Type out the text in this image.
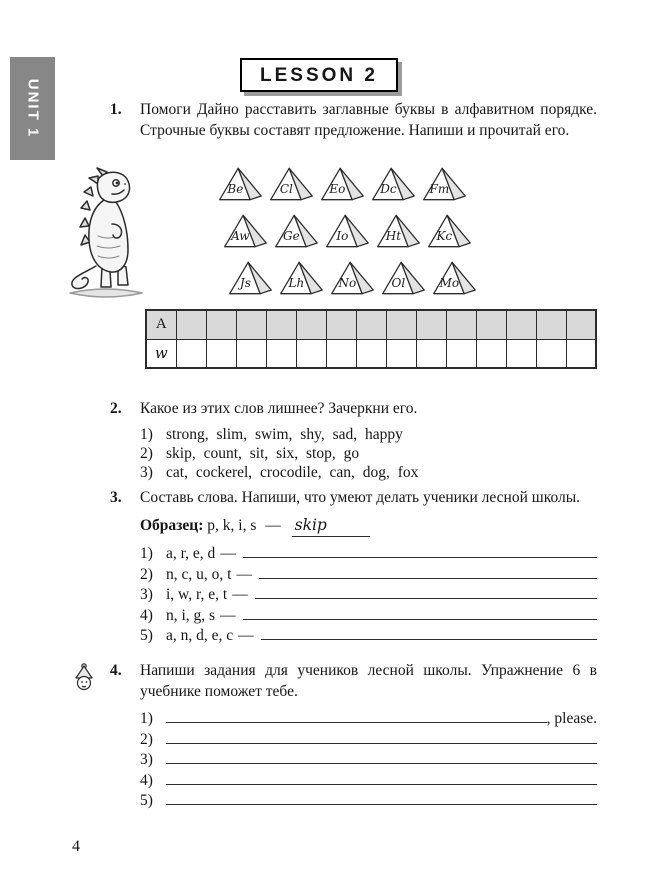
UNIT 1
LESSON 2
1.	Помоги Дайно расставить заглавные буквы в алфавитном порядке. Строчные буквы составят предложение. Напиши и прочитай его.
Be	Cl	Eo	Dc	Fm
Aw	Ge	Io	Ht	Kc
Js	Lh	No	Ol	Mo
A														
w														
2.	Какое из этих слов лишнее? Зачеркни его.
1) strong, slim, swim, shy, sad, happy
2) skip, count, sit, six, stop, go
3) cat, cockerel, crocodile, can, dog, fox
3.	Составь слова. Напиши, что умеют делать ученики лесной школы.
Образец: p, k, i, s — skip
1) a, r, e, d —
2) n, c, u, o, t —
3) i, w, r, e, t —
4) n, i, g, s —
5) a, n, d, e, c —
4.	Напиши задания для учеников лесной школы. Упражнение 6 в учебнике поможет тебе.
1)	, please.
2)
3)
4)
5)
4
